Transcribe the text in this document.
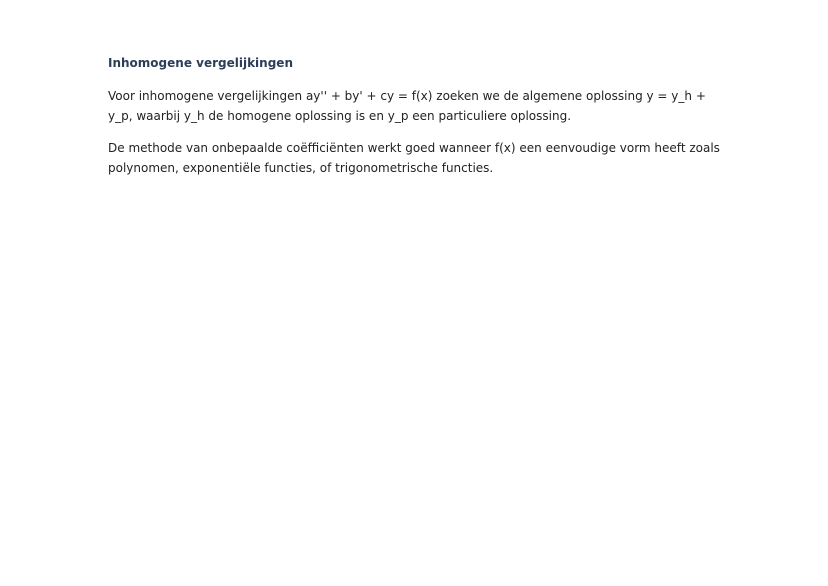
Inhomogene vergelijkingen

Voor inhomogene vergelijkingen ay'' + by' + cy = f(x) zoeken we de algemene oplossing y = y_h + y_p, waarbij y_h de homogene oplossing is en y_p een particuliere oplossing.

De methode van onbepaalde coëfficiënten werkt goed wanneer f(x) een eenvoudige vorm heeft zoals polynomen, exponentiële functies, of trigonometrische functies.
